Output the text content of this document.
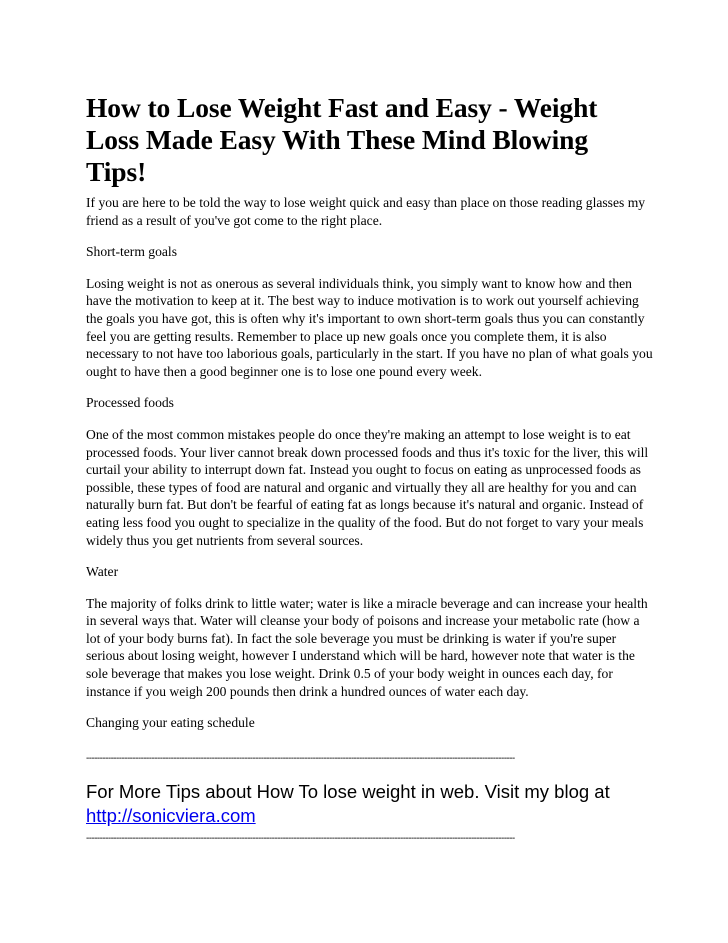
How to Lose Weight Fast and Easy - Weight Loss Made Easy With These Mind Blowing Tips!

If you are here to be told the way to lose weight quick and easy than place on those reading glasses my friend as a result of you've got come to the right place.

Short-term goals

Losing weight is not as onerous as several individuals think, you simply want to know how and then have the motivation to keep at it. The best way to induce motivation is to work out yourself achieving the goals you have got, this is often why it's important to own short-term goals thus you can constantly feel you are getting results. Remember to place up new goals once you complete them, it is also necessary to not have too laborious goals, particularly in the start. If you have no plan of what goals you ought to have then a good beginner one is to lose one pound every week.

Processed foods

One of the most common mistakes people do once they're making an attempt to lose weight is to eat processed foods. Your liver cannot break down processed foods and thus it's toxic for the liver, this will curtail your ability to interrupt down fat. Instead you ought to focus on eating as unprocessed foods as possible, these types of food are natural and organic and virtually they all are healthy for you and can naturally burn fat. But don't be fearful of eating fat as longs because it's natural and organic. Instead of eating less food you ought to specialize in the quality of the food. But do not forget to vary your meals widely thus you get nutrients from several sources.

Water

The majority of folks drink to little water; water is like a miracle beverage and can increase your health in several ways that. Water will cleanse your body of poisons and increase your metabolic rate (how a lot of your body burns fat). In fact the sole beverage you must be drinking is water if you're super serious about losing weight, however I understand which will be hard, however note that water is the sole beverage that makes you lose weight. Drink 0.5 of your body weight in ounces each day, for instance if you weigh 200 pounds then drink a hundred ounces of water each day.

Changing your eating schedule

-------------------------------------------------------------------------------------------------------------------------------------------------------------
For More Tips about How To lose weight in web. Visit my blog at
http://sonicviera.com
-------------------------------------------------------------------------------------------------------------------------------------------------------------
